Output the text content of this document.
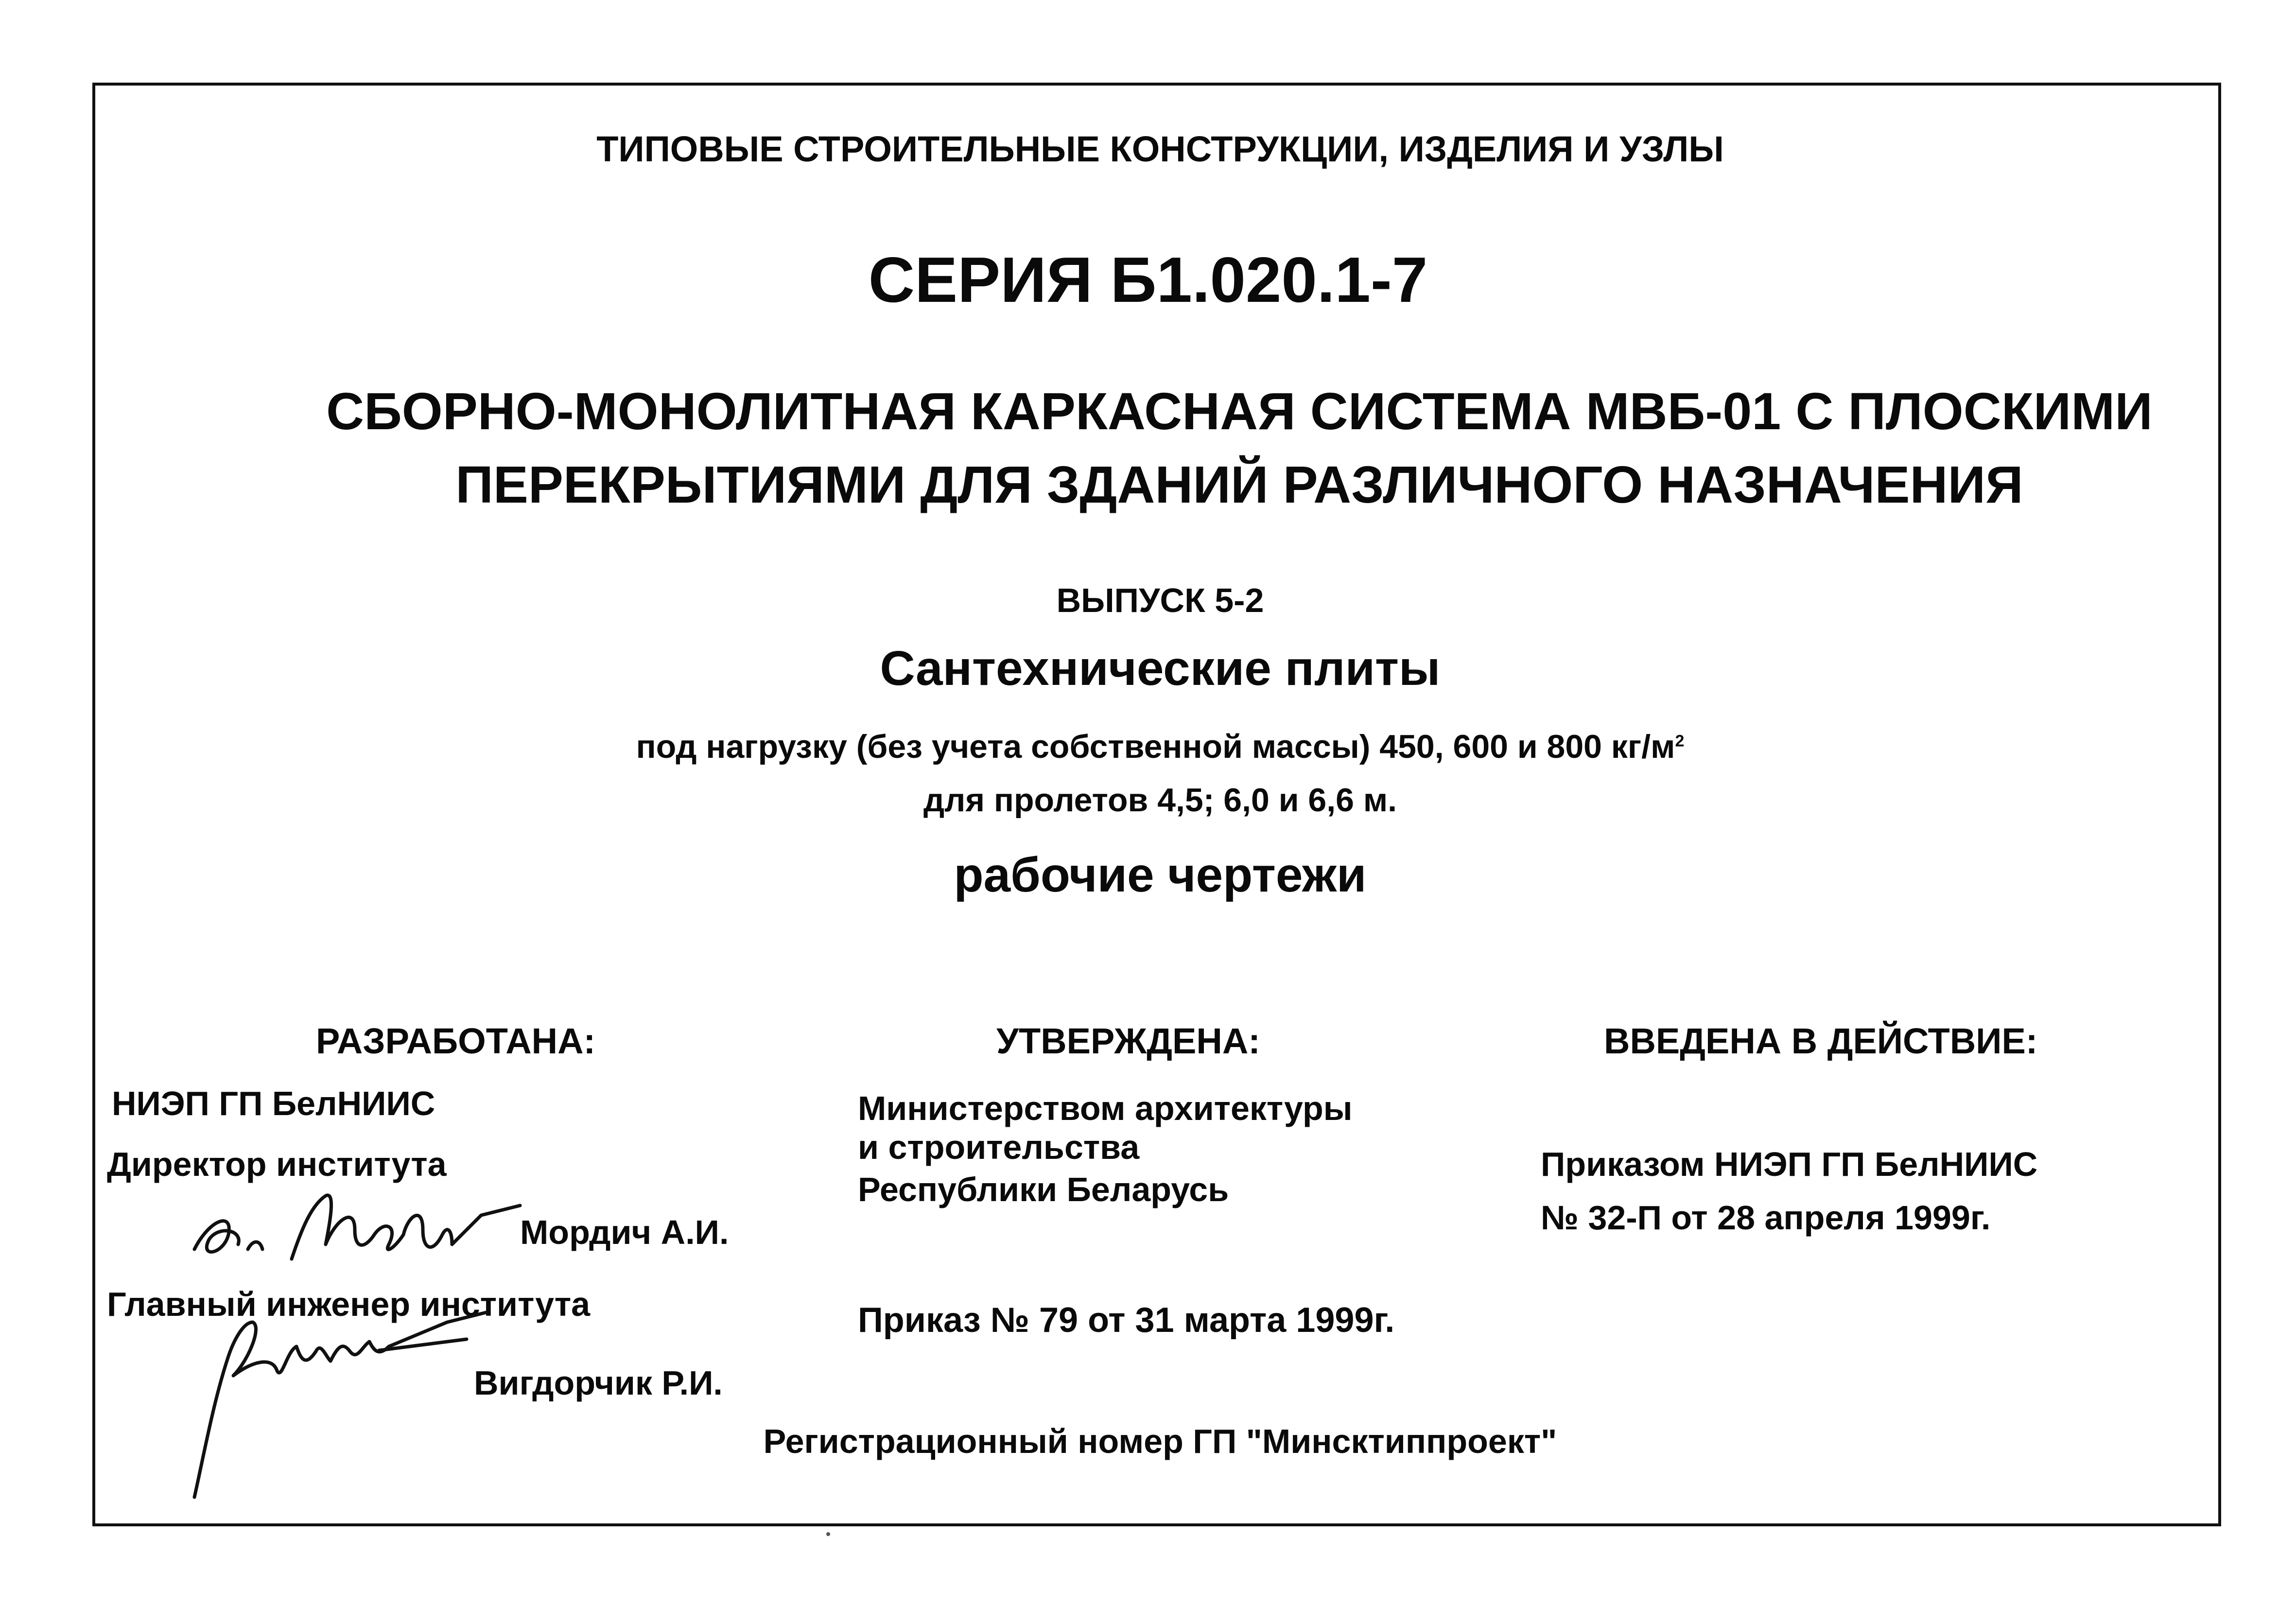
ТИПОВЫЕ СТРОИТЕЛЬНЫЕ КОНСТРУКЦИИ, ИЗДЕЛИЯ И УЗЛЫ
СЕРИЯ Б1.020.1-7
СБОРНО-МОНОЛИТНАЯ КАРКАСНАЯ СИСТЕМА МВБ-01 С ПЛОСКИМИ ПЕРЕКРЫТИЯМИ ДЛЯ ЗДАНИЙ РАЗЛИЧНОГО НАЗНАЧЕНИЯ
ВЫПУСК 5-2
Сантехнические плиты
под нагрузку (без учета собственной массы) 450, 600 и 800 $кг/м^2$
для пролетов 4,5; 6,0 и 6,6 м.
рабочие чертежи
РАЗРАБОТАНА:	УТВЕРЖДЕНА:	ВВЕДЕНА В ДЕЙСТВИЕ:
НИЭП ГП БелНИИС
Директор института
Мордич А.И.
Главный инженер института
Вигдорчик Р.И.
Министерством архитектуры
и строительства
Республики Беларусь
Приказ № 79 от 31 марта 1999г.
Приказом НИЭП ГП БелНИИС
№ 32-П от 28 апреля 1999г.
Регистрационный номер ГП "Минсктиппроект"
